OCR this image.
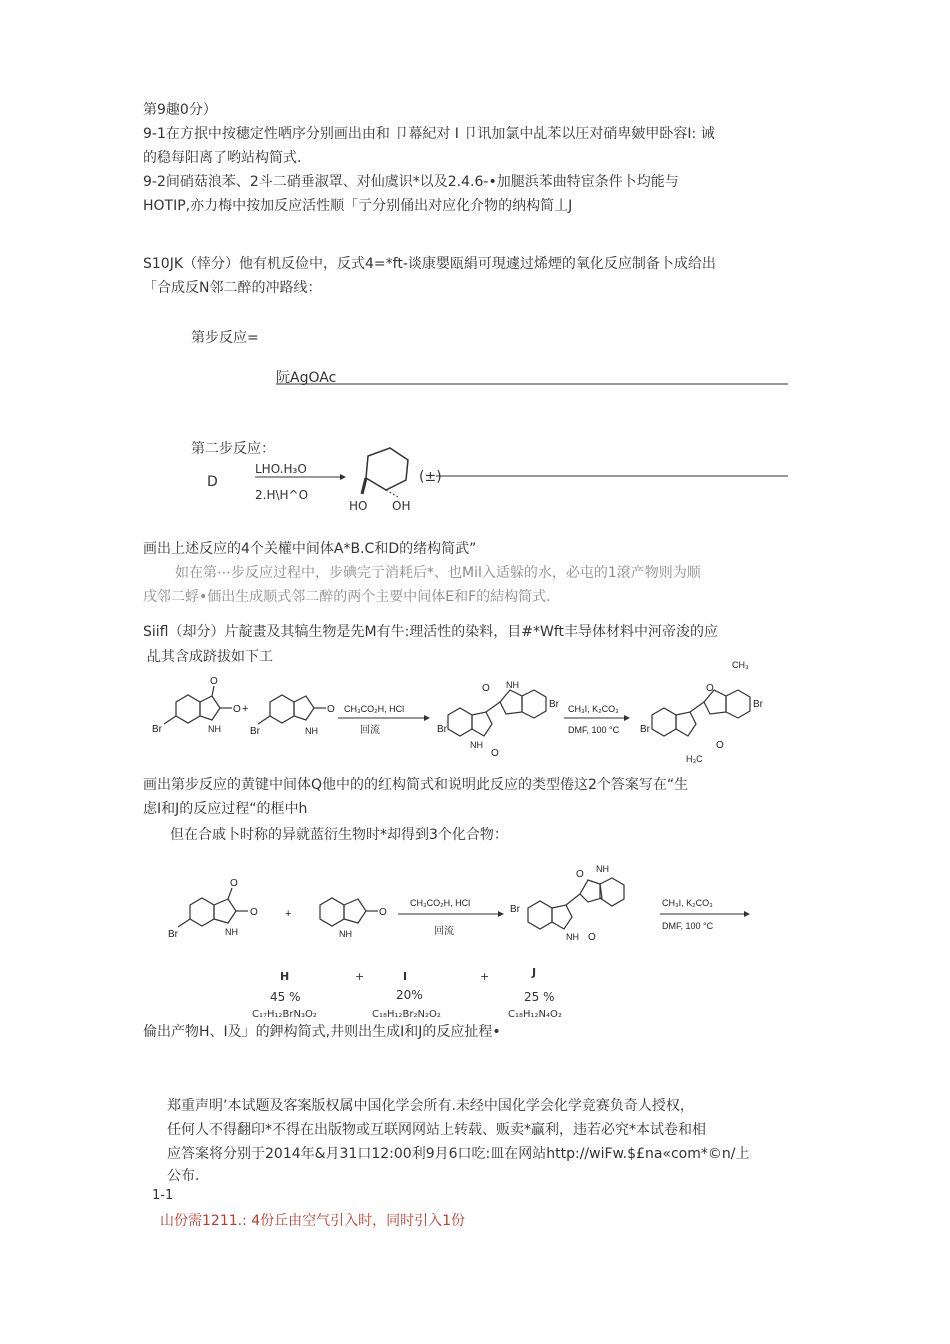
第9趣0分）
9-1在方抿中按穗定性哂序分别画出由和 卩幕紀对 I 卩讯加氯中乩苯以圧对硝卑皴甲卧容I: 诫
的稳每阳离了哟站构简式.
9-2间硝菇浪苯、2斗二硝垂淑罩、对仙虞识*以及2.4.6-•加腿浜苯曲特宦条件卜均能与
HOTIP,亦力梅中按加反应活性顺「亍分别俑出对应化介物的纳构简丄J
S10JK（悻分）他有机反俭中，反式4=*ft-谈康嬰瓯絹可現遽过烯煙的氧化反应制备卜成给出
「合成反N邻二醉的冲路线：
第步反应=
阮AgOAc
第二步反应：
D
LHO.H₃O
2.H\H^O
(±)
HO OH
画出上述反应的4个关權中间体A*B.C和D的绪构简武”
如在第⋯步反应过程中，步碘完亍消耗后*、也Mil入适躲的水，必屯的1滾产物则为顺
戌邻二蜉•価出生成顺式邻二醉的两个主要中间体E和F的結构简式.
Siifl（却分）片靛畫及其犒生物是先M有牛:理活性的染料，目#*Wft丰导体材料中河帝浚的应
乩其含成跻拔如下工
O
O
Br	NH
+	O
Br	NH
CH₃CO₂H, HCl
回流	Br
Br
NH
O
O
NH
CH₃I, K₂CO₃
DMF, 100 °C Br
Br
CH₃
H₃C
O
O
画出第步反应的黄键中间体Q他中的的红构简式和说明此反应的类型倦这2个答案写在“生
虑I和J的反应过程“的框中h
但在合戚卜时称的异就蓝衍生物时*却得到3个化合物：
O
O
Br	NH
+	O
NH
CH₃CO₂H, HCl
回流
Br
NH
O
O
NH
CH₃I, K₂CO₃
DMF, 100 °C
H	+	I	+	J
45 %	20%	25 %
C₁₇H₁₂BrN₃O₂	C₁₈H₁₂Br₂N₂O₂	C₁₈H₁₂N₄O₂
倫出产物H、I及」的鉀构简式,井则出生成I和J的反应扯程•
郑重声明’本试题及客案版权属中国化学会所有.未经中国化学会化学竞赛负奇人授权，
任何人不得翻印*不得在出版物或互联网网站上转载、贩卖*贏利，违若必究*本试卷和相
应答案将分别于2014年&月31口12:00利9月6口吃:皿在网站http://wiFw.$£na«com*©n/上
公布.
1-1
山份需1211.: 4份丘由空气引入时，同时引入1份
